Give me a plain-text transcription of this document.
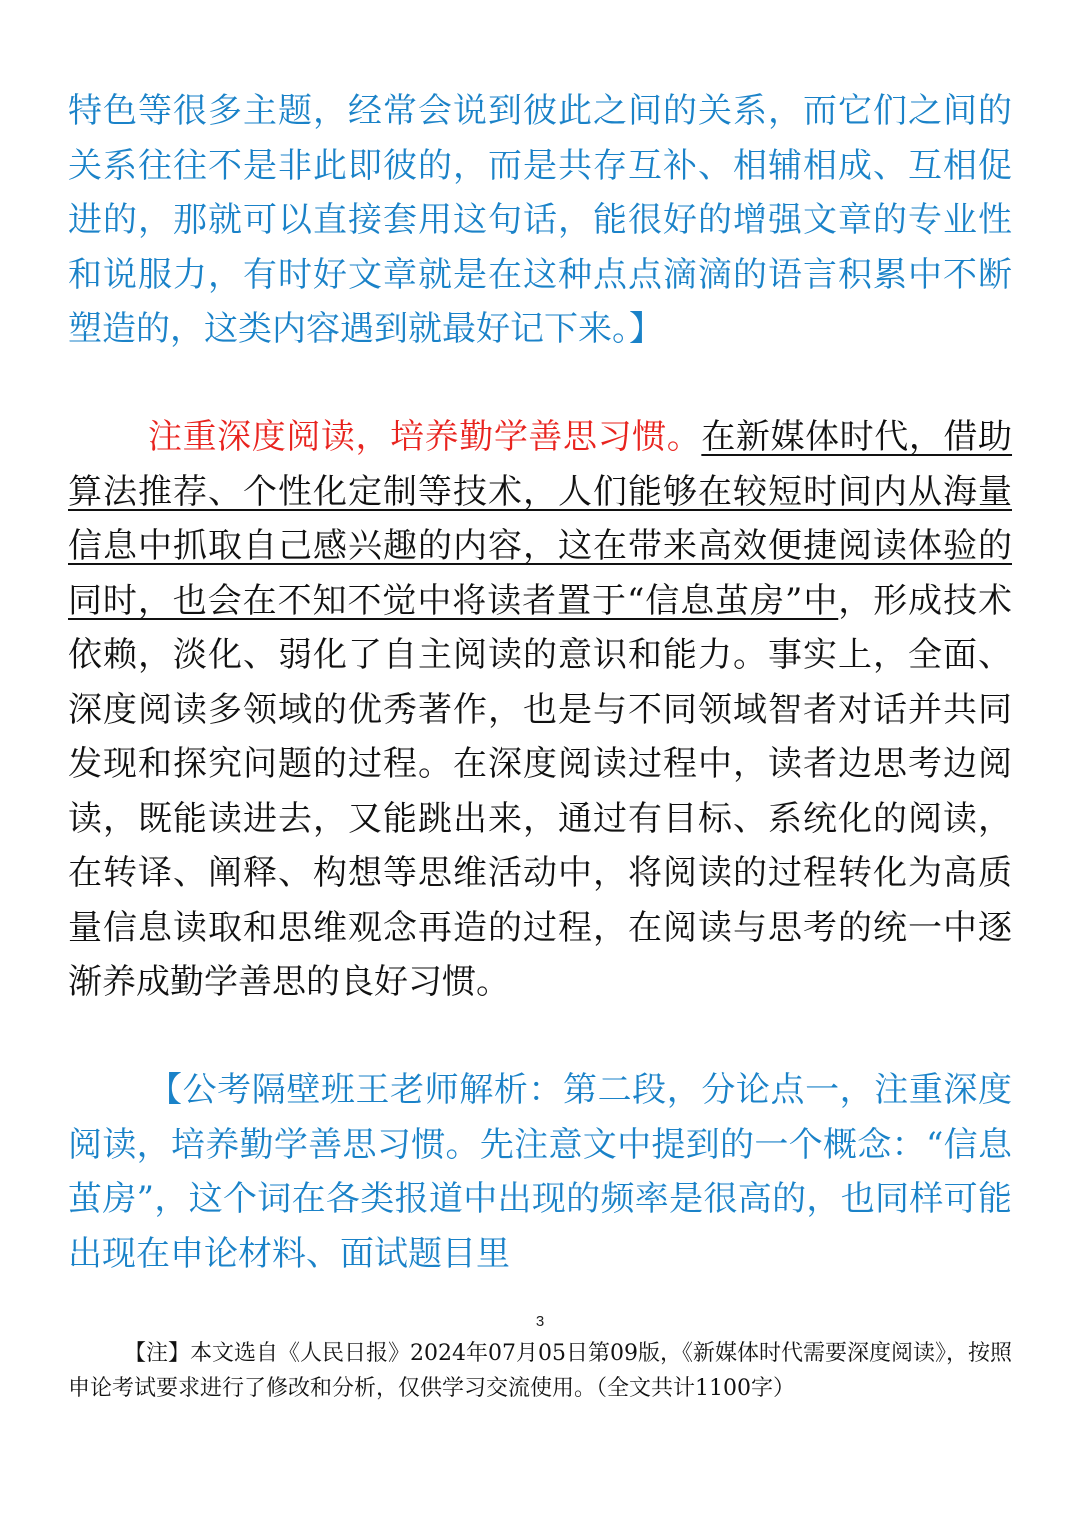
特色等很多主题，经常会说到彼此之间的关系，而它们之间的关系往往不是非此即彼的，而是共存互补、相辅相成、互相促进的，那就可以直接套用这句话，能很好的增强文章的专业性和说服力，有时好文章就是在这种点点滴滴的语言积累中不断塑造的，这类内容遇到就最好记下来。】

注重深度阅读，培养勤学善思习惯。在新媒体时代，借助算法推荐、个性化定制等技术，人们能够在较短时间内从海量信息中抓取自己感兴趣的内容，这在带来高效便捷阅读体验的同时，也会在不知不觉中将读者置于“信息茧房”中，形成技术依赖，淡化、弱化了自主阅读的意识和能力。事实上，全面、深度阅读多领域的优秀著作，也是与不同领域智者对话并共同发现和探究问题的过程。在深度阅读过程中，读者边思考边阅读，既能读进去，又能跳出来，通过有目标、系统化的阅读，在转译、阐释、构想等思维活动中，将阅读的过程转化为高质量信息读取和思维观念再造的过程，在阅读与思考的统一中逐渐养成勤学善思的良好习惯。

【公考隔壁班王老师解析：第二段，分论点一，注重深度阅读，培养勤学善思习惯。先注意文中提到的一个概念：“信息茧房”，这个词在各类报道中出现的频率是很高的，也同样可能出现在申论材料、面试题目里

3

【注】本文选自《人民日报》2024年07月05日第09版，《新媒体时代需要深度阅读》，按照申论考试要求进行了修改和分析，仅供学习交流使用。（全文共计1100字）
